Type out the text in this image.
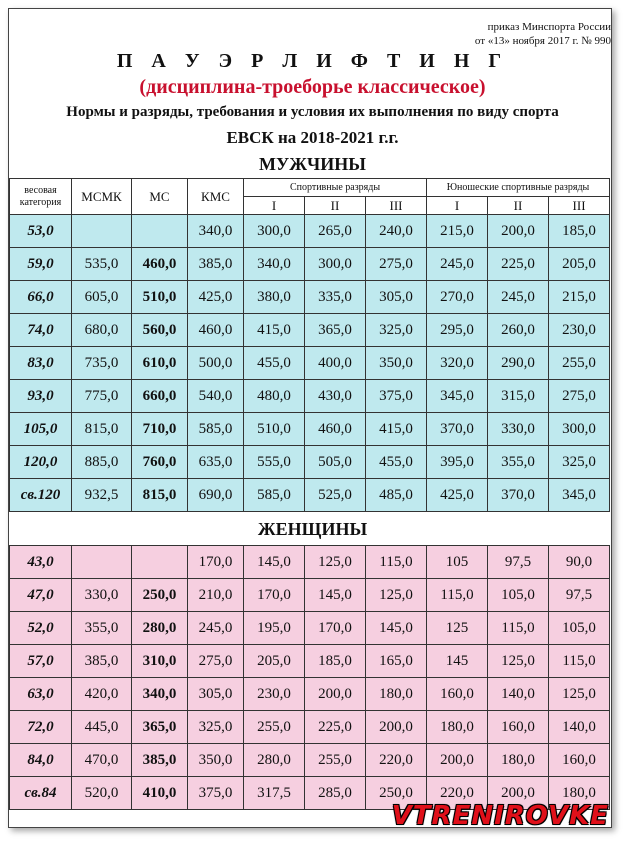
приказ Минспорта России
от «13» ноября 2017 г. № 990
П А У Э Р Л И Ф Т И Н Г
(дисциплина-троеборье классическое)
Нормы и разряды, требования и условия их выполнения по виду спорта
ЕВСК на 2018-2021 г.г.
МУЖЧИНЫ
весовая категория	МСМК	МС	КМС	Спортивные разряды			Юношеские спортивные разряды		
				I	II	III	I	II	III
53,0			340,0	300,0	265,0	240,0	215,0	200,0	185,0
59,0	535,0	460,0	385,0	340,0	300,0	275,0	245,0	225,0	205,0
66,0	605,0	510,0	425,0	380,0	335,0	305,0	270,0	245,0	215,0
74,0	680,0	560,0	460,0	415,0	365,0	325,0	295,0	260,0	230,0
83,0	735,0	610,0	500,0	455,0	400,0	350,0	320,0	290,0	255,0
93,0	775,0	660,0	540,0	480,0	430,0	375,0	345,0	315,0	275,0
105,0	815,0	710,0	585,0	510,0	460,0	415,0	370,0	330,0	300,0
120,0	885,0	760,0	635,0	555,0	505,0	455,0	395,0	355,0	325,0
св.120	932,5	815,0	690,0	585,0	525,0	485,0	425,0	370,0	345,0
ЖЕНЩИНЫ
43,0			170,0	145,0	125,0	115,0	105	97,5	90,0
47,0	330,0	250,0	210,0	170,0	145,0	125,0	115,0	105,0	97,5
52,0	355,0	280,0	245,0	195,0	170,0	145,0	125	115,0	105,0
57,0	385,0	310,0	275,0	205,0	185,0	165,0	145	125,0	115,0
63,0	420,0	340,0	305,0	230,0	200,0	180,0	160,0	140,0	125,0
72,0	445,0	365,0	325,0	255,0	225,0	200,0	180,0	160,0	140,0
84,0	470,0	385,0	350,0	280,0	255,0	220,0	200,0	180,0	160,0
св.84	520,0	410,0	375,0	317,5	285,0	250,0	220,0	200,0	180,0
VTRENIROVKE
